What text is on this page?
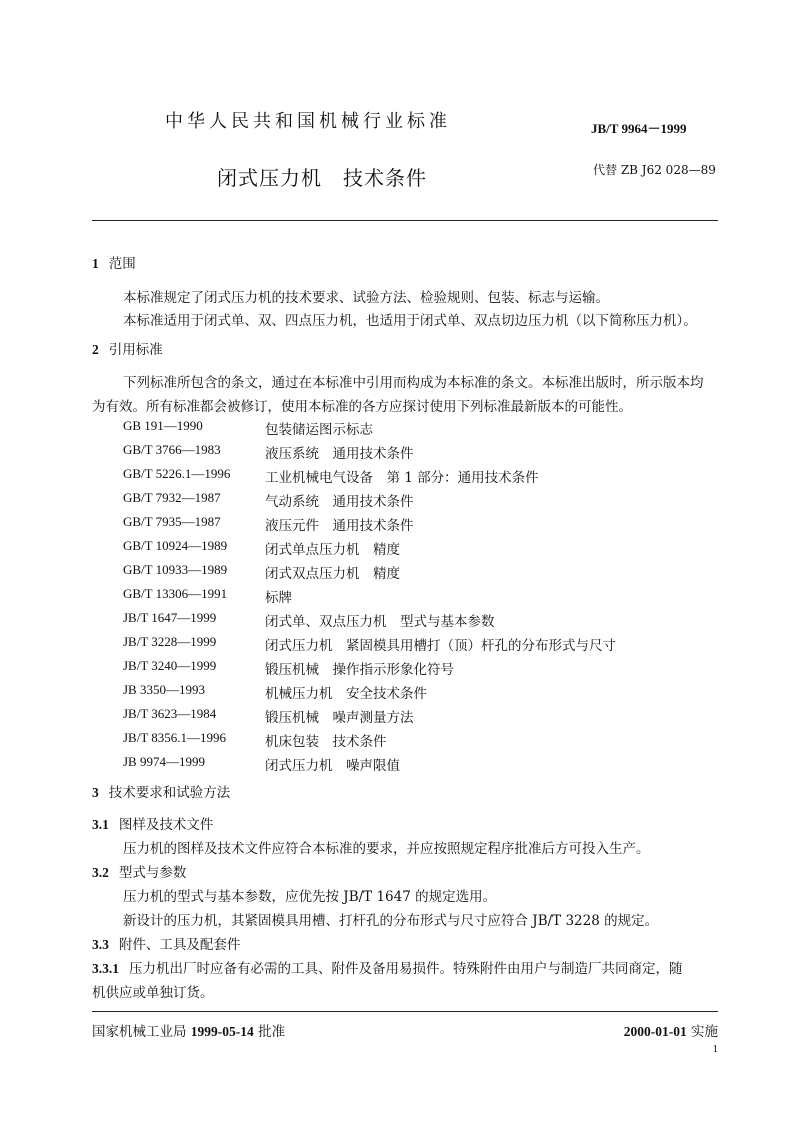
中华人民共和国机械行业标准	JB/T 9964－1999
闭式压力机　技术条件	代替 ZB J62 028—89
1 范围
本标准规定了闭式压力机的技术要求、试验方法、检验规则、包装、标志与运输。
本标准适用于闭式单、双、四点压力机，也适用于闭式单、双点切边压力机（以下简称压力机）。
2 引用标准
下列标准所包含的条文，通过在本标准中引用而构成为本标准的条文。本标准出版时，所示版本均
为有效。所有标准都会被修订，使用本标准的各方应探讨使用下列标准最新版本的可能性。
GB 191—1990	包装储运图示标志
GB/T 3766—1983	液压系统　通用技术条件
GB/T 5226.1—1996	工业机械电气设备　第 1 部分：通用技术条件
GB/T 7932—1987	气动系统　通用技术条件
GB/T 7935—1987	液压元件　通用技术条件
GB/T 10924—1989	闭式单点压力机　精度
GB/T 10933—1989	闭式双点压力机　精度
GB/T 13306—1991	标牌
JB/T 1647—1999	闭式单、双点压力机　型式与基本参数
JB/T 3228—1999	闭式压力机　紧固模具用槽打（顶）杆孔的分布形式与尺寸
JB/T 3240—1999	锻压机械　操作指示形象化符号
JB 3350—1993	机械压力机　安全技术条件
JB/T 3623—1984	锻压机械　噪声测量方法
JB/T 8356.1—1996	机床包装　技术条件
JB 9974—1999	闭式压力机　噪声限值
3 技术要求和试验方法
3.1 图样及技术文件
压力机的图样及技术文件应符合本标准的要求，并应按照规定程序批准后方可投入生产。
3.2 型式与参数
压力机的型式与基本参数，应优先按 JB/T 1647 的规定选用。
新设计的压力机，其紧固模具用槽、打杆孔的分布形式与尺寸应符合 JB/T 3228 的规定。
3.3 附件、工具及配套件
3.3.1 压力机出厂时应备有必需的工具、附件及备用易损件。特殊附件由用户与制造厂共同商定，随
机供应或单独订货。
国家机械工业局 1999-05-14 批准	2000-01-01 实施
1
